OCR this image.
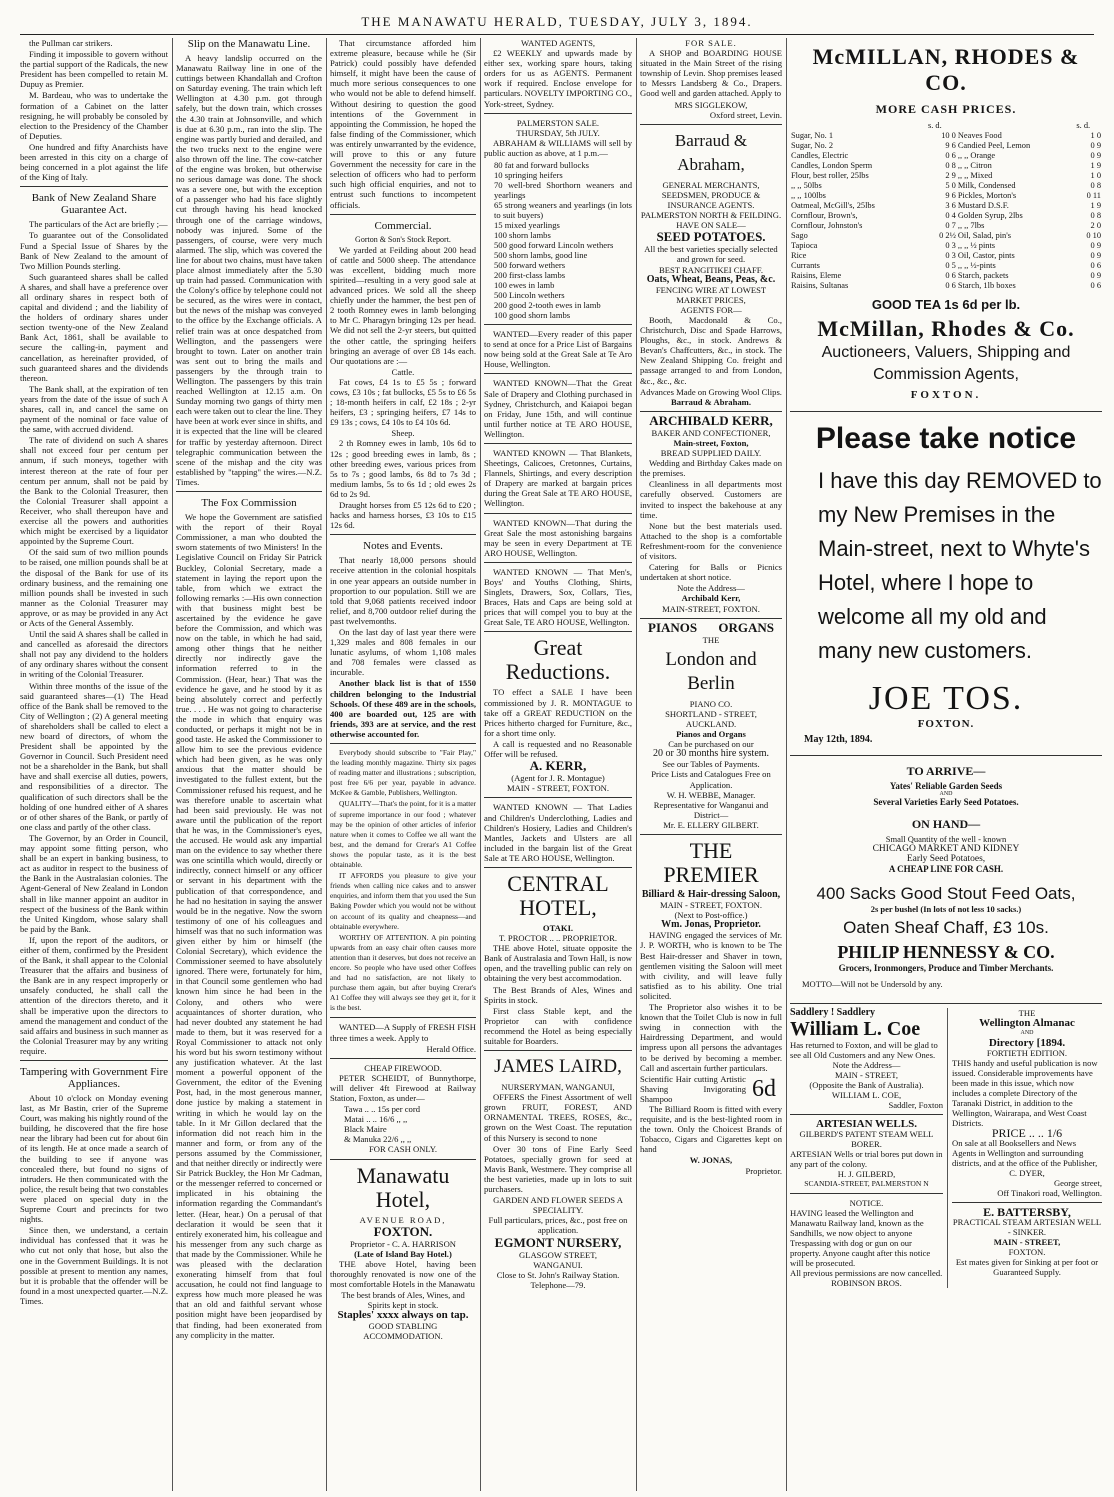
THE MANAWATU HERALD, TUESDAY, JULY 3, 1894.

the Pullman car strikers.

Finding it impossible to govern without the partial support of the Radicals, the new President has been compelled to retain M. Dupuy as Premier.

M. Bardeau, who was to undertake the formation of a Cabinet on the latter resigning, he will probably be consoled by election to the Presidency of the Chamber of Deputies.

One hundred and fifty Anarchists have been arrested in this city on a charge of being concerned in a plot against the life of the King of Italy.

Bank of New Zealand Share Guarantee Act.

The particulars of the Act are briefly ;—

To guarantee out of the Consolidated Fund a Special Issue of Shares by the Bank of New Zealand to the amount of Two Million Pounds sterling.

Such guaranteed shares shall be called A shares, and shall have a preference over all ordinary shares in respect both of capital and dividend ; and the liability of the holders of ordinary shares under section twenty-one of the New Zealand Bank Act, 1861, shall be available to secure the calling-in, payment and cancellation, as hereinafter provided, of such guaranteed shares and the dividends thereon.

The Bank shall, at the expiration of ten years from the date of the issue of such A shares, call in, and cancel the same on payment of the nominal or face value of the same, with accrued dividend.

The rate of dividend on such A shares shall not exceed four per centum per annum, if such moneys, together with interest thereon at the rate of four per centum per annum, shall not be paid by the Bank to the Colonial Treasurer, then the Colonial Treasurer shall appoint a Receiver, who shall thereupon have and exercise all the powers and authorities which might be exercised by a liquidator appointed by the Supreme Court.

Of the said sum of two million pounds to be raised, one million pounds shall be at the disposal of the Bank for use of its ordinary business, and the remaining one million pounds shall be invested in such manner as the Colonial Treasurer may approve, or as may be provided in any Act or Acts of the General Assembly.

Until the said A shares shall be called in and cancelled as aforesaid the directors shall not pay any dividend to the holders of any ordinary shares without the consent in writing of the Colonial Treasurer.

Within three months of the issue of the said guaranteed shares—(1) The Head office of the Bank shall be removed to the City of Wellington ; (2) A general meeting of shareholders shall be called to elect a new board of directors, of whom the President shall be appointed by the Governor in Council. Such President need not be a shareholder in the Bank, but shall have and shall exercise all duties, powers, and responsibilities of a director. The qualification of such directors shall be the holding of one hundred either of A shares or of other shares of the Bank, or partly of one class and partly of the other class.

The Governor, by an Order in Council, may appoint some fitting person, who shall be an expert in banking business, to act as auditor in respect to the business of the Bank in the Australasian colonies. The Agent-General of New Zealand in London shall in like manner appoint an auditor in respect of the business of the Bank within the United Kingdom, whose salary shall be paid by the Bank.

If, upon the report of the auditors, or either of them, confirmed by the President of the Bank, it shall appear to the Colonial Treasurer that the affairs and business of the Bank are in any respect improperly or unsafely conducted, he shall call the attention of the directors thereto, and it shall be imperative upon the directors to amend the management and conduct of the said affairs and business in such manner as the Colonial Treasurer may by any writing require.

Tampering with Government Fire Appliances.

About 10 o'clock on Monday evening last, as Mr Bastin, crier of the Supreme Court, was making his nightly round of the building, he discovered that the fire hose near the library had been cut for about 6in of its length. He at once made a search of the building to see if anyone was concealed there, but found no signs of intruders. He then communicated with the police, the result being that two constables were placed on special duty in the Supreme Court and precincts for two nights.

Since then, we understand, a certain individual has confessed that it was he who cut not only that hose, but also the one in the Government Buildings. It is not possible at present to mention any names, but it is probable that the offender will be found in a most unexpected quarter.—N.Z. Times.

Slip on the Manawatu Line.

A heavy landslip occurred on the Manawatu Railway line in one of the cuttings between Khandallah and Crofton on Saturday evening. The train which left Wellington at 4.30 p.m. got through safely, but the down train, which crosses the 4.30 train at Johnsonville, and which is due at 6.30 p.m., ran into the slip. The engine was partly buried and derailed, and the two trucks next to the engine were also thrown off the line. The cow-catcher of the engine was broken, but otherwise no serious damage was done. The shock was a severe one, but with the exception of a passenger who had his face slightly cut through having his head knocked through one of the carriage windows, nobody was injured. Some of the passengers, of course, were very much alarmed. The slip, which was covered the line for about two chains, must have taken place almost immediately after the 5.30 up train had passed. Communication with the Colony's office by telephone could not be secured, as the wires were in contact, but the news of the mishap was conveyed to the office by the Exchange officials. A relief train was at once despatched from Wellington, and the passengers were brought to town. Later on another train was sent out to bring the mails and passengers by the through train to Wellington. The passengers by this train reached Wellington at 12.15 a.m. On Sunday morning two gangs of thirty men each were taken out to clear the line. They have been at work ever since in shifts, and it is expected that the line will be cleared for traffic by yesterday afternoon. Direct telegraphic communication between the scene of the mishap and the city was established by "tapping" the wires.—N.Z. Times.

The Fox Commission

We hope the Government are satisfied with the report of their Royal Commissioner, a man who doubted the sworn statements of two Ministers! In the Legislative Council on Friday Sir Patrick Buckley, Colonial Secretary, made a statement in laying the report upon the table, from which we extract the following remarks :—His own connection with that business might best be ascertained by the evidence he gave before the Commission, and which was now on the table, in which he had said, among other things that he neither directly nor indirectly gave the information referred to in the Commission. (Hear, hear.) That was the evidence he gave, and he stood by it as being absolutely correct and perfectly true. . . . He was not going to characterise the mode in which that enquiry was conducted, or perhaps it might not be in good taste. He asked the Commissioner to allow him to see the previous evidence which had been given, as he was only anxious that the matter should be investigated to the fullest extent, but the Commissioner refused his request, and he was therefore unable to ascertain what had been said previously. He was not aware until the publication of the report that he was, in the Commissioner's eyes, the accused. He would ask any impartial man on the evidence to say whether there was one scintilla which would, directly or indirectly, connect himself or any officer or servant in his department with the publication of that correspondence, and he had no hesitation in saying the answer would be in the negative. Now the sworn testimony of one of his colleagues and himself was that no such information was given either by him or himself (the Colonial Secretary), which evidence the Commissioner seemed to have absolutely ignored. There were, fortunately for him, in that Council some gentlemen who had known him since he had been in the Colony, and others who were acquaintances of shorter duration, who had never doubted any statement he had made to them, but it was reserved for a Royal Commissioner to attack not only his word but his sworn testimony without any justification whatever. At the last moment a powerful opponent of the Government, the editor of the Evening Post, had, in the most generous manner, done justice by making a statement in writing in which he would lay on the table. In it Mr Gillon declared that the information did not reach him in the manner and form, or from any of the persons assumed by the Commissioner, and that neither directly or indirectly were Sir Patrick Buckley, the Hon Mr Cadman, or the messenger referred to concerned or implicated in his obtaining the information regarding the Commandant's letter. (Hear, hear.) On a perusal of that declaration it would be seen that it entirely exonerated him, his colleague and his messenger from any such charge as that made by the Commissioner. While he was pleased with the declaration exonerating himself from that foul accusation, he could not find language to express how much more pleased he was that an old and faithful servant whose position might have been jeopardised by that finding, had been exonerated from any complicity in the matter.

That circumstance afforded him extreme pleasure, because while he (Sir Patrick) could possibly have defended himself, it might have been the cause of much more serious consequences to one who would not be able to defend himself. Without desiring to question the good intentions of the Government in appointing the Commission, he hoped the false finding of the Commissioner, which was entirely unwarranted by the evidence, will prove to this or any future Government the necessity for care in the selection of officers who had to perform such high official enquiries, and not to entrust such functions to incompetent officials.

Commercial.
Gorton & Son's Stock Report.

We yarded at Feilding about 200 head of cattle and 5000 sheep. The attendance was excellent, bidding much more spirited—resulting in a very good sale at advanced prices. We sold all the sheep chiefly under the hammer, the best pen of 2 tooth Romney ewes in lamb belonging to Mr C. Pharagyn bringing 12s per head. We did not sell the 2-yr steers, but quitted the other cattle, the springing heifers bringing an average of over £8 14s each. Our quotations are :—

Cattle.

Fat cows, £4 1s to £5 5s ; forward cows, £3 10s ; fat bullocks, £5 5s to £6 5s ; 18-month heifers in calf, £2 18s ; 2-yr heifers, £3 ; springing heifers, £7 14s to £9 13s ; cows, £4 10s to £4 10s 6d.

Sheep.

2 th Romney ewes in lamb, 10s 6d to 12s ; good breeding ewes in lamb, 8s ; other breeding ewes, various prices from 5s to 7s ; good lambs, 6s 8d to 7s 3d ; medium lambs, 5s to 6s 1d ; old ewes 2s 6d to 2s 9d.

Draught horses from £5 12s 6d to £20 ; hacks and harness horses, £3 10s to £15 12s 6d.

Notes and Events.

That nearly 18,000 persons should receive attention in the colonial hospitals in one year appears an outside number in proportion to our population. Still we are told that 9,068 patients received indoor relief, and 8,700 outdoor relief during the past twelvemonths.

On the last day of last year there were 1,329 males and 808 females in our lunatic asylums, of whom 1,108 males and 708 females were classed as incurable.

Another black list is that of 1550 children belonging to the Industrial Schools. Of these 489 are in the schools, 400 are boarded out, 125 are with friends, 393 are at service, and the rest otherwise accounted for.

Everybody should subscribe to "Fair Play," the leading monthly magazine. Thirty six pages of reading matter and illustrations ; subscription, post free 6/6 per year, payable in advance. McKee & Gamble, Publishers, Wellington.

QUALITY—That's the point, for it is a matter of supreme importance in our food ; whatever may be the opinion of other articles of inferior nature when it comes to Coffee we all want the best, and the demand for Crerar's A1 Coffee shows the popular taste, as it is the best obtainable.

IT AFFORDS you pleasure to give your friends when calling nice cakes and to answer enquiries, and inform them that you used the Sun Baking Powder which you would not be without on account of its quality and cheapness—and obtainable everywhere.

WORTHY OF ATTENTION. A pin pointing upwards from an easy chair often causes more attention than it deserves, but does not receive an encore. So people who have used other Coffees and had no satisfaction, are not likely to purchase them again, but after buying Crerar's A1 Coffee they will always see they get it, for it is the best.

WANTED—A Supply of FRESH FISH three times a week. Apply to

Herald Office.
CHEAP FIREWOOD.

PETER SCHEIDT, of Bunnythorpe, will deliver 4ft Firewood at Railway Station, Foxton, as under—

Tawa .. .. 15s per cord
Matai .. .. 16/6 ,, ,,
Black Maire
& Manuka 22/6 ,, ,,
FOR CASH ONLY.
Manawatu Hotel,
AVENUE ROAD,
FOXTON.
Proprietor - C. A. HARRISON
(Late of Island Bay Hotel.)

THE above Hotel, having been thoroughly renovated is now one of the most comfortable Hotels in the Manawatu

The best brands of Ales, Wines, and Spirits kept in stock.
Staples' xxxx always on tap.
GOOD STABLING ACCOMMODATION.
WANTED AGENTS,

£2 WEEKLY and upwards made by either sex, working spare hours, taking orders for us as AGENTS. Permanent work if required. Enclose envelope for particulars. NOVELTY IMPORTING CO., York-street, Sydney.

PALMERSTON SALE.
THURSDAY, 5th JULY.

ABRAHAM & WILLIAMS will sell by public auction as above, at 1 p.m.—

80 fat and forward bullocks
10 springing heifers
70 well-bred Shorthorn weaners and yearlings
65 strong weaners and yearlings (in lots to suit buyers)
15 mixed yearlings
100 shorn lambs
500 good forward Lincoln wethers
500 shorn lambs, good line
500 forward wethers
200 first-class lambs
100 ewes in lamb
500 Lincoln wethers
200 good 2-tooth ewes in lamb
100 good shorn lambs

WANTED—Every reader of this paper to send at once for a Price List of Bargains now being sold at the Great Sale at Te Aro House, Wellington.

WANTED KNOWN—That the Great Sale of Drapery and Clothing purchased in Sydney, Christchurch, and Kaiapoi began on Friday, June 15th, and will continue until further notice at TE ARO HOUSE, Wellington.

WANTED KNOWN — That Blankets, Sheetings, Calicoes, Cretonnes, Curtains, Flannels, Shirtings, and every description of Drapery are marked at bargain prices during the Great Sale at TE ARO HOUSE, Wellington.

WANTED KNOWN—That during the Great Sale the most astonishing bargains may be seen in every Department at TE ARO HOUSE, Wellington.

WANTED KNOWN — That Men's, Boys' and Youths Clothing, Shirts, Singlets, Drawers, Sox, Collars, Ties, Braces, Hats and Caps are being sold at prices that will compel you to buy at the Great Sale, TE ARO HOUSE, Wellington.

Great Reductions.

TO effect a SALE I have been commissioned by J. R. MONTAGUE to take off a GREAT REDUCTION on the Prices hitherto charged for Furniture, &c., for a short time only.

A call is requested and no Reasonable Offer will be refused.

A. KERR,
(Agent for J. R. Montague)
MAIN - STREET, FOXTON.

WANTED KNOWN — That Ladies and Children's Underclothing, Ladies and Children's Hosiery, Ladies and Children's Mantles, Jackets and Ulsters are all included in the bargain list of the Great Sale at TE ARO HOUSE, Wellington.

CENTRAL HOTEL,
OTAKI.
T. PROCTOR .. .. PROPRIETOR.

THE above Hotel, situate opposite the Bank of Australasia and Town Hall, is now open, and the travelling public can rely on obtaining the very best accommodation.

The Best Brands of Ales, Wines and Spirits in stock.

First class Stable kept, and the Proprietor can with confidence recommend the Hotel as being especially suitable for Boarders.

JAMES LAIRD,
NURSERYMAN, WANGANUI,

OFFERS the Finest Assortment of well grown FRUIT, FOREST, AND ORNAMENTAL TREES, ROSES, &c., grown on the West Coast. The reputation of this Nursery is second to none

Over 30 tons of Fine Early Seed Potatoes, specially grown for seed at Mavis Bank, Westmere. They comprise all the best varieties, made up in lots to suit purchasers.

GARDEN AND FLOWER SEEDS A SPECIALITY.
Full particulars, prices, &c., post free on application.
EGMONT NURSERY,
GLASGOW STREET,
WANGANUI.
Close to St. John's Railway Station.
Telephone—79.
FOR SALE.

A SHOP and BOARDING HOUSE situated in the Main Street of the rising township of Levin. Shop premises leased to Messrs Landsberg & Co., Drapers. Good well and garden attached. Apply to

MRS SIGGLEKOW,
Oxford street, Levin.
Barraud & Abraham,
GENERAL MERCHANTS, SEEDSMEN, PRODUCE & INSURANCE AGENTS.
PALMERSTON NORTH & FEILDING.
HAVE ON SALE—
SEED POTATOES.
All the best varieties specially selected and grown for seed.
BEST RANGITIKEI CHAFF.
Oats, Wheat, Beans, Peas, &c.
FENCING WIRE AT LOWEST MARKET PRICES,
AGENTS FOR—

Booth, Macdonald & Co., Christchurch, Disc and Spade Harrows, Ploughs, &c., in stock. Andrews & Bevan's Chaffcutters, &c., in stock. The New Zealand Shipping Co. freight and passage arranged to and from London, &c., &c., &c.

Advances Made on Growing Wool Clips.
Barraud & Abraham.
ARCHIBALD KERR,
BAKER AND CONFECTIONER,
Main-street, Foxton,
BREAD SUPPLIED DAILY.

Wedding and Birthday Cakes made on the premises.

Cleanliness in all departments most carefully observed. Customers are invited to inspect the bakehouse at any time.

None but the best materials used. Attached to the shop is a comfortable Refreshment-room for the convenience of visitors.

Catering for Balls or Picnics undertaken at short notice.

Note the Address—
Archibald Kerr,
MAIN-STREET, FOXTON.
PIANOS ORGANS
THE
London and Berlin
PIANO CO.
SHORTLAND - STREET,
AUCKLAND.
Pianos and Organs
Can be purchased on our
20 or 30 months hire system.
See our Tables of Payments.
Price Lists and Catalogues Free on Application.
W. H. WEBBE, Manager.
Representative for Wanganui and District—
Mr. E. ELLERY GILBERT.
THE PREMIER
Billiard & Hair-dressing Saloon,
MAIN - STREET, FOXTON.
(Next to Post-office.)
Wm. Jonas, Proprietor.

HAVING engaged the services of Mr. J. P. WORTH, who is known to be The Best Hair-dresser and Shaver in town, gentlemen visiting the Saloon will meet with civility, and will leave fully satisfied as to his ability. One trial solicited.

The Proprietor also wishes it to be known that the Toilet Club is now in full swing in connection with the Hairdressing Department, and would impress upon all persons the advantages to be derived by becoming a member. Call and ascertain further particulars.

Scientific Hair cutting Artistic Shaving Invigorating Shampoo	6d

The Billiard Room is fitted with every requisite, and is the best-lighted room in the town. Only the Choicest Brands of Tobacco, Cigars and Cigarettes kept on hand

W. JONAS,
Proprietor.
McMILLAN, RHODES & CO.
MORE CASH PRICES.
	s. d.		s. d.
Sugar, No. 1	10 0	Neaves Food	1 0
Sugar, No. 2	9 6	Candied Peel, Lemon	0 9
Candles, Electric	0 6	,, ,, Orange	0 9
Candles, London Sperm	0 8	,, ,, Citron	1 9
Flour, best roller, 25lbs	2 9	,, ,, Mixed	1 0
,, ,, 50lbs	5 0	Milk, Condensed	0 8
,, ,, 100lbs	9 6	Pickles, Morton's	0 11
Oatmeal, McGill's, 25lbs	3 6	Mustard D.S.F.	1 9
Cornflour, Brown's,	0 4	Golden Syrup, 2lbs	0 8
Cornflour, Johnston's	0 7	,, ,, 7lbs	2 0
Sago	0 2½	Oil, Salad, pin's	0 10
Tapioca	0 3	,, ,, ½ pints	0 9
Rice	0 3	Oil, Castor, pints	0 9
Currants	0 5	,, ,, ½-pints	0 6
Raisins, Eleme	0 6	Starch, packets	0 9
Raisins, Sultanas	0 6	Starch, 1lb boxes	0 6
GOOD TEA 1s 6d per lb.
McMillan, Rhodes & Co.
Auctioneers, Valuers, Shipping and Commission Agents,
FOXTON.
Please take notice
I have this day REMOVED to my New Premises in the Main-street, next to Whyte's Hotel, where I hope to welcome all my old and many new customers.
JOE TOS.
FOXTON.
May 12th, 1894.
TO ARRIVE—
Yates' Reliable Garden Seeds
AND
Several Varieties Early Seed Potatoes.
ON HAND—
Small Quantity of the well - known
CHICAGO MARKET AND KIDNEY
Early Seed Potatoes,
A CHEAP LINE FOR CASH.
400 Sacks Good Stout Feed Oats,
2s per bushel (In lots of not less 10 sacks.)
Oaten Sheaf Chaff, £3 10s.
PHILIP HENNESSY & CO.
Grocers, Ironmongers, Produce and Timber Merchants.
MOTTO—Will not be Undersold by any.
Saddlery ! Saddlery
William L. Coe

Has returned to Foxton, and will be glad to see all Old Customers and any New Ones.

Note the Address—
MAIN - STREET,
(Opposite the Bank of Australia).
WILLIAM L. COE,
Saddler, Foxton
ARTESIAN WELLS.
GILBERD'S PATENT STEAM WELL BORER.

ARTESIAN Wells or trial bores put down in any part of the colony.

H. J. GILBERD,
SCANDIA-STREET, PALMERSTON N
NOTICE.

HAVING leased the Wellington and Manawatu Railway land, known as the Sandhills, we now object to anyone Trespassing with dog or gun on our property. Anyone caught after this notice will be prosecuted.

All previous permissions are now cancelled.

ROBINSON BROS.
THE
Wellington Almanac
AND
Directory [1894.
FORTIETH EDITION.

THIS handy and useful publication is now issued. Considerable improvements have been made in this issue, which now includes a complete Directory of the Taranaki District, in addition to the Wellington, Wairarapa, and West Coast Districts.

PRICE .. .. 1/6

On sale at all Booksellers and News Agents in Wellington and surrounding districts, and at the office of the Publisher,

C. DYER,
George street,
Off Tinakori road, Wellington.
E. BATTERSBY,
PRACTICAL STEAM ARTESIAN WELL - SINKER.
MAIN - STREET,
FOXTON.
Est mates given for Sinking at per foot or Guaranteed Supply.
